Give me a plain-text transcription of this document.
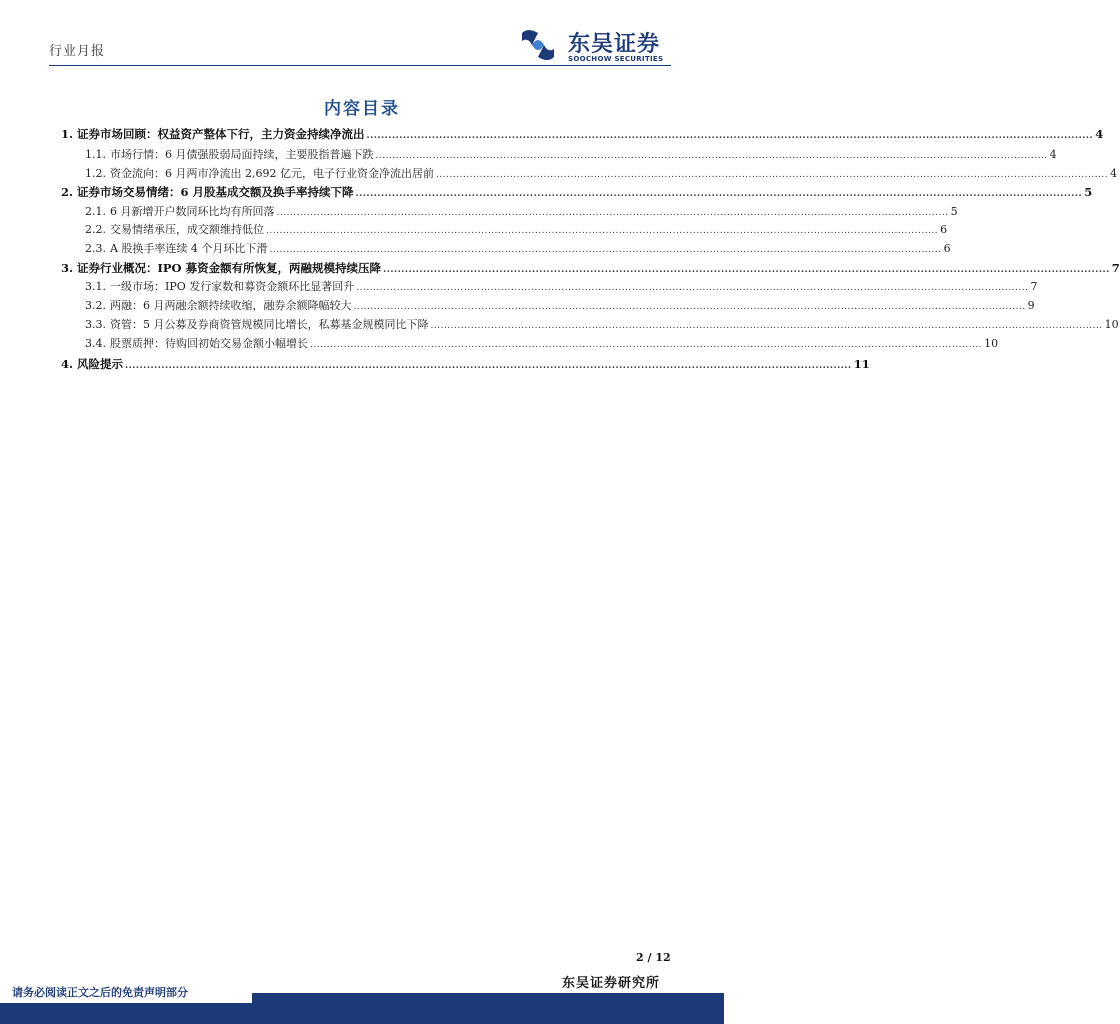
行业月报	东吴证券
SOOCHOW SECURITIES
内容目录
1. 证券市场回顾：权益资产整体下行，主力资金持续净流出 ........................................................................................................................................................................................................ 4
1.1. 市场行情：6 月债强股弱局面持续，主要股指普遍下跌 ........................................................................................................................................................................................................ 4
1.2. 资金流向：6 月两市净流出 2,692 亿元，电子行业资金净流出居前 ........................................................................................................................................................................................................ 4
2. 证券市场交易情绪：6 月股基成交额及换手率持续下降 ........................................................................................................................................................................................................ 5
2.1. 6 月新增开户数同环比均有所回落 ........................................................................................................................................................................................................ 5
2.2. 交易情绪承压，成交额维持低位 ........................................................................................................................................................................................................ 6
2.3. A 股换手率连续 4 个月环比下滑 ........................................................................................................................................................................................................ 6
3. 证券行业概况：IPO 募资金额有所恢复，两融规模持续压降 ........................................................................................................................................................................................................ 7
3.1. 一级市场：IPO 发行家数和募资金额环比显著回升 ........................................................................................................................................................................................................ 7
3.2. 两融：6 月两融余额持续收缩，融券余额降幅较大 ........................................................................................................................................................................................................ 9
3.3. 资管：5 月公募及券商资管规模同比增长，私募基金规模同比下降 ........................................................................................................................................................................................................ 10
3.4. 股票质押：待购回初始交易金额小幅增长 ........................................................................................................................................................................................................ 10
4. 风险提示 ........................................................................................................................................................................................................ 11
2 / 12
东吴证券研究所
请务必阅读正文之后的免责声明部分
